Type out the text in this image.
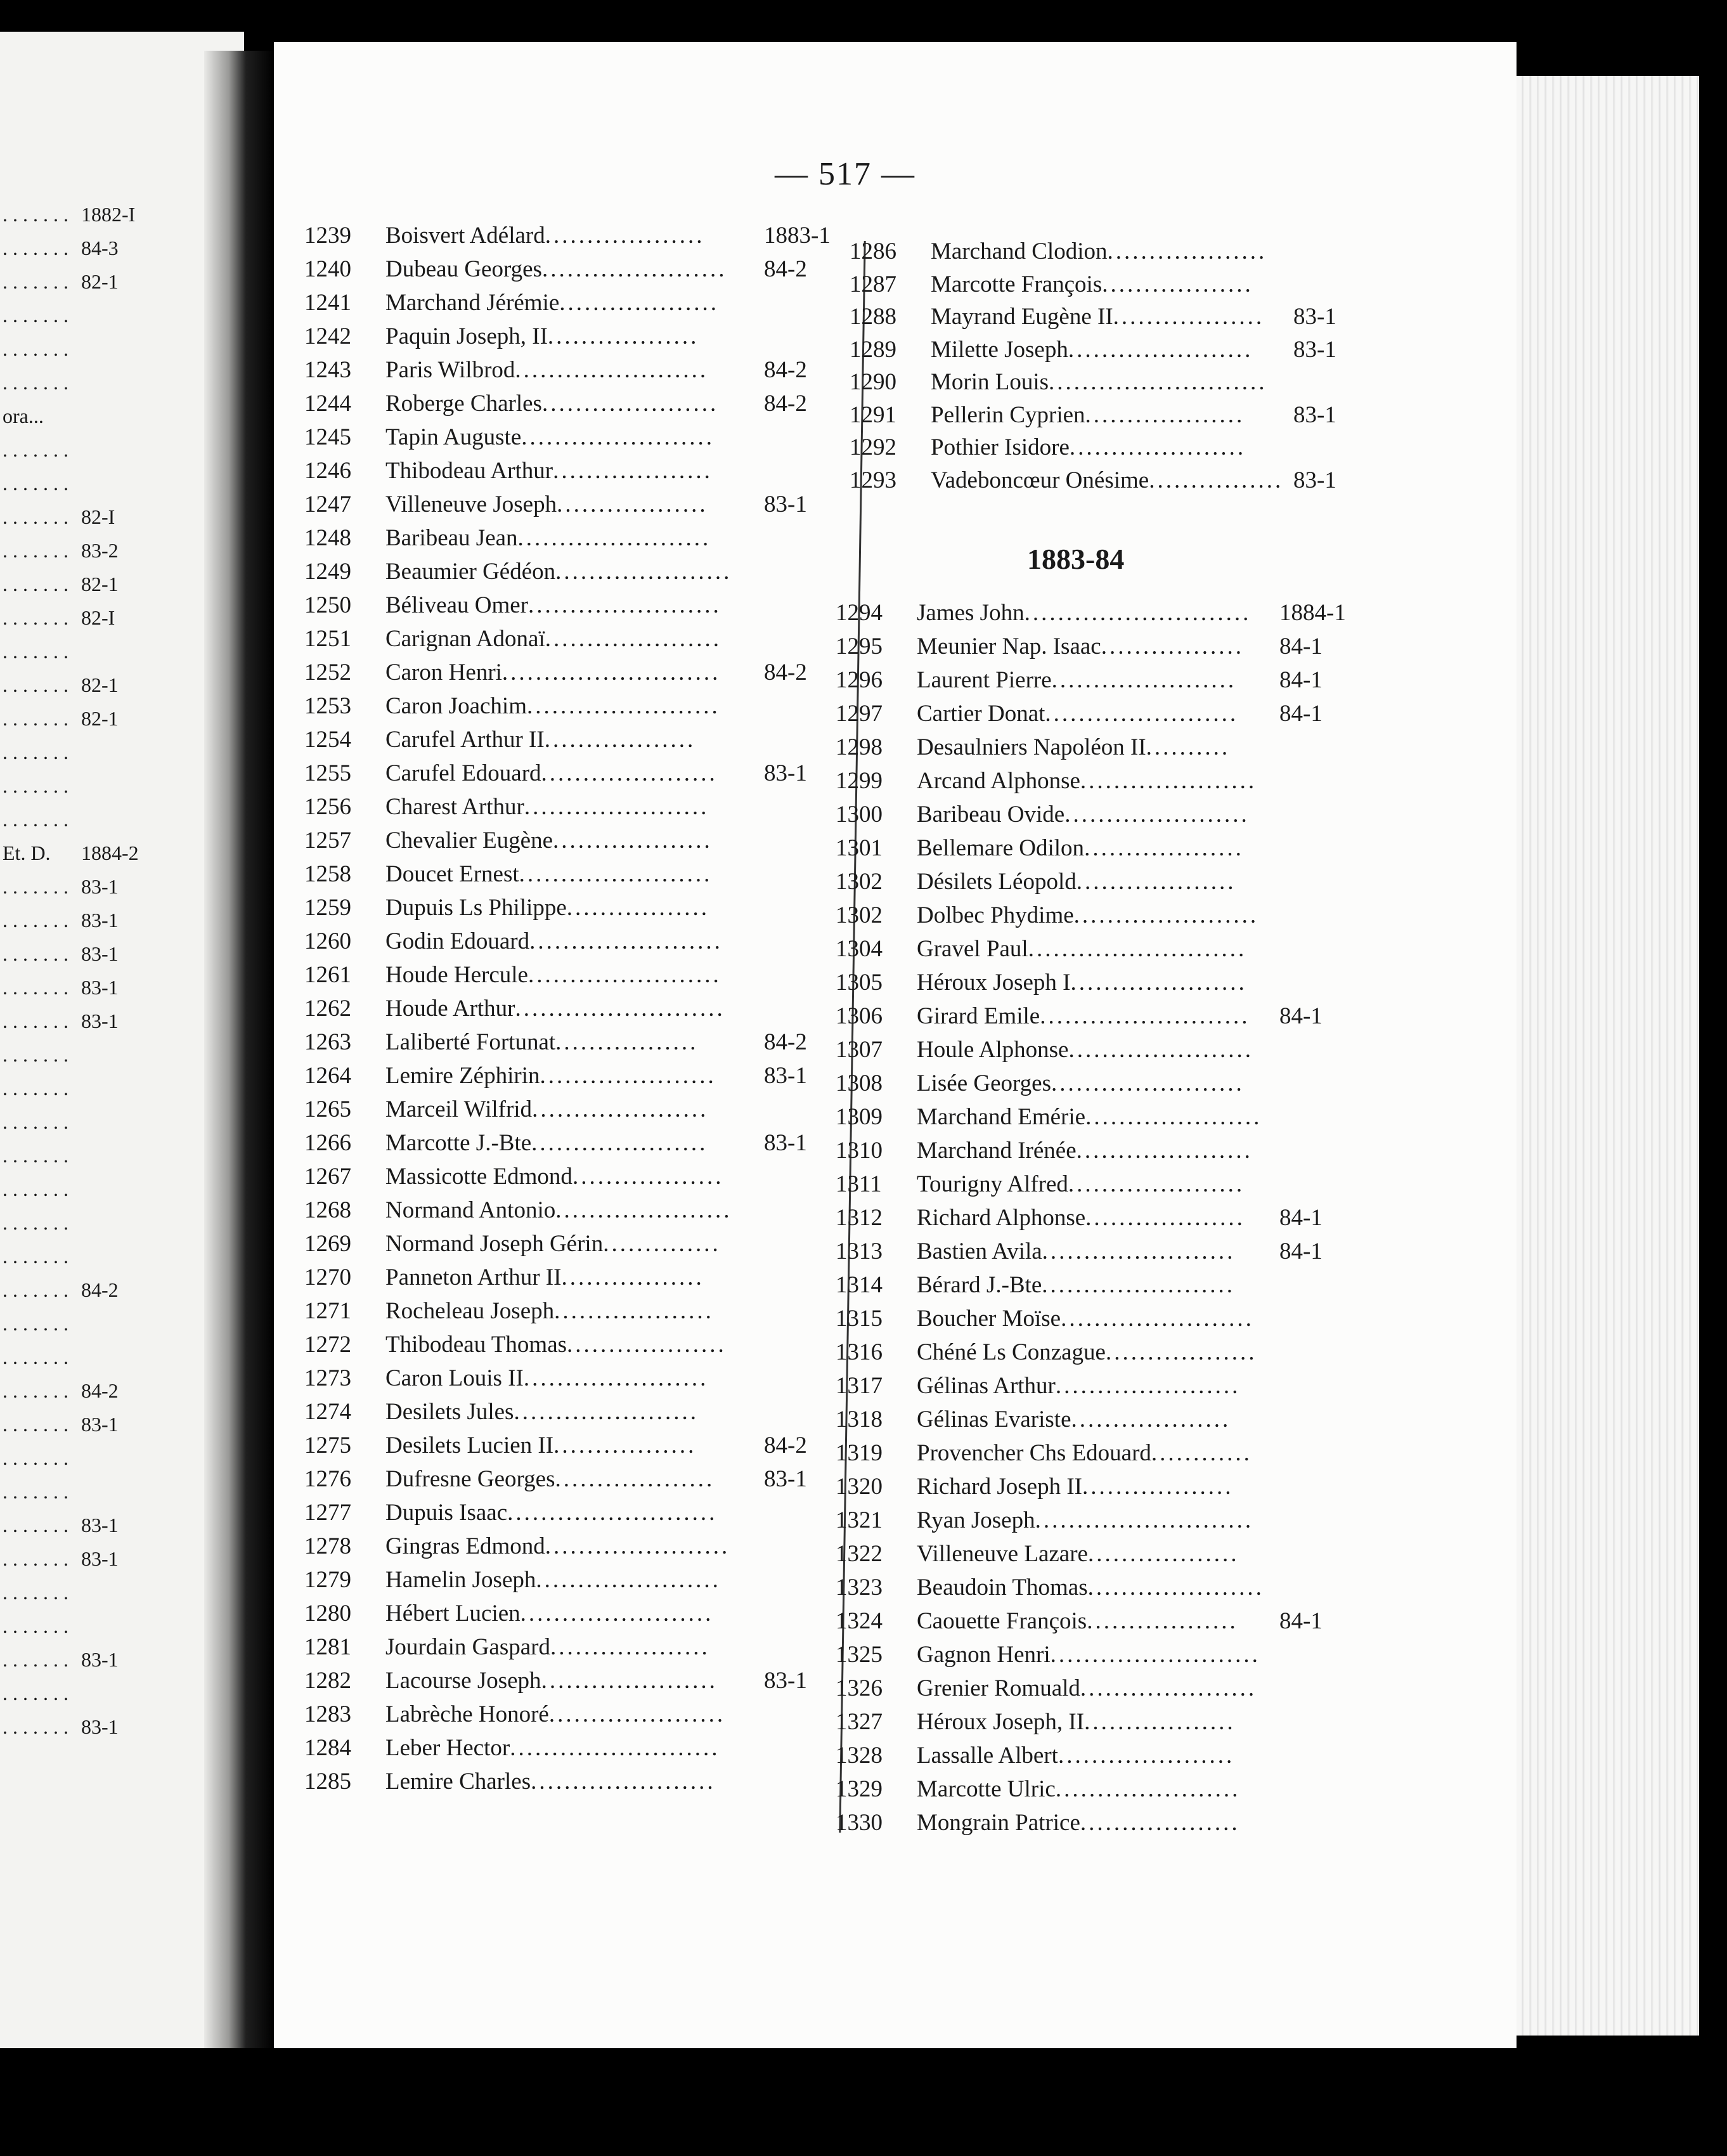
. . . . . . . 1882-I
. . . . . . . 84-3
. . . . . . . 82-1
. . . . . . .
. . . . . . .
. . . . . . .
ora...
. . . . . . .
. . . . . . .
. . . . . . . 82-I
. . . . . . . 83-2
. . . . . . . 82-1
. . . . . . . 82-I
. . . . . . .
. . . . . . . 82-1
. . . . . . . 82-1
. . . . . . .
. . . . . . .
. . . . . . .
Et. D. 1884-2
. . . . . . . 83-1
. . . . . . . 83-1
. . . . . . . 83-1
. . . . . . . 83-1
. . . . . . . 83-1
. . . . . . .
. . . . . . .
. . . . . . .
. . . . . . .
. . . . . . .
. . . . . . .
. . . . . . .
. . . . . . . 84-2
. . . . . . .
. . . . . . .
. . . . . . . 84-2
. . . . . . . 83-1
. . . . . . .
. . . . . . .
. . . . . . . 83-1
. . . . . . . 83-1
. . . . . . .
. . . . . . .
. . . . . . . 83-1
. . . . . . .
. . . . . . . 83-1
— 517 —
1239 Boisvert Adélard...................	1883-1
1240 Dubeau Georges...................... 84-2
1241 Marchand Jérémie...................
1242 Paquin Joseph, II..................
1243 Paris Wilbrod....................... 84-2
1244 Roberge Charles..................... 84-2
1245 Tapin Auguste.......................
1246 Thibodeau Arthur...................
1247 Villeneuve Joseph.................. 83-1
1248 Baribeau Jean.......................
1249 Beaumier Gédéon.....................
1250 Béliveau Omer.......................
1251 Carignan Adonaï.....................
1252 Caron Henri.......................... 84-2
1253 Caron Joachim.......................
1254 Carufel Arthur II..................
1255 Carufel Edouard..................... 83-1
1256 Charest Arthur......................
1257 Chevalier Eugène...................
1258 Doucet Ernest.......................
1259 Dupuis Ls Philippe.................
1260 Godin Edouard.......................
1261 Houde Hercule.......................
1262 Houde Arthur.........................
1263 Laliberté Fortunat.................	84-2
1264 Lemire Zéphirin..................... 83-1
1265 Marceil Wilfrid.....................
1266 Marcotte J.-Bte..................... 83-1
1267 Massicotte Edmond..................
1268 Normand Antonio.....................
1269 Normand Joseph Gérin..............
1270 Panneton Arthur II.................
1271 Rocheleau Joseph...................
1272 Thibodeau Thomas...................
1273 Caron Louis II......................
1274 Desilets Jules......................
1275 Desilets Lucien II.................	84-2
1276 Dufresne Georges................... 83-1
1277 Dupuis Isaac.........................
1278 Gingras Edmond......................
1279 Hamelin Joseph......................
1280 Hébert Lucien.......................
1281 Jourdain Gaspard...................
1282 Lacourse Joseph..................... 83-1
1283 Labrèche Honoré.....................
1284 Leber Hector.........................
1285 Lemire Charles......................
1286 Marchand Clodion...................
1287 Marcotte François..................
1288 Mayrand Eugène II.................. 83-1
1289 Milette Joseph...................... 83-1
1290 Morin Louis..........................
1291 Pellerin Cyprien................... 83-1
1292 Pothier Isidore.....................
1293 Vadeboncœur Onésime................ 83-1
1883-84
1294 James John........................... 1884-1
1295 Meunier Nap. Isaac................. 84-1
1296 Laurent Pierre...................... 84-1
1297 Cartier Donat....................... 84-1
1298 Desaulniers Napoléon II..........
1299 Arcand Alphonse.....................
1300 Baribeau Ovide......................
1301 Bellemare Odilon...................
1302 Désilets Léopold...................
1302 Dolbec Phydime......................
1304 Gravel Paul..........................
1305 Héroux Joseph I.....................
1306 Girard Emile......................... 84-1
1307 Houle Alphonse......................
1308 Lisée Georges.......................
1309 Marchand Emérie.....................
1310 Marchand Irénée.....................
1311 Tourigny Alfred.....................
1312 Richard Alphonse................... 84-1
1313 Bastien Avila....................... 84-1
1314 Bérard J.-Bte.......................
1315 Boucher Moïse.......................
1316 Chéné Ls Conzague..................
1317 Gélinas Arthur......................
1318 Gélinas Evariste...................
1319 Provencher Chs Edouard............
1320 Richard Joseph II..................
1321 Ryan Joseph..........................
1322 Villeneuve Lazare..................
1323 Beaudoin Thomas.....................
1324 Caouette François.................. 84-1
1325 Gagnon Henri.........................
1326 Grenier Romuald.....................
1327 Héroux Joseph, II..................
1328 Lassalle Albert.....................
1329 Marcotte Ulric......................
1330 Mongrain Patrice...................
